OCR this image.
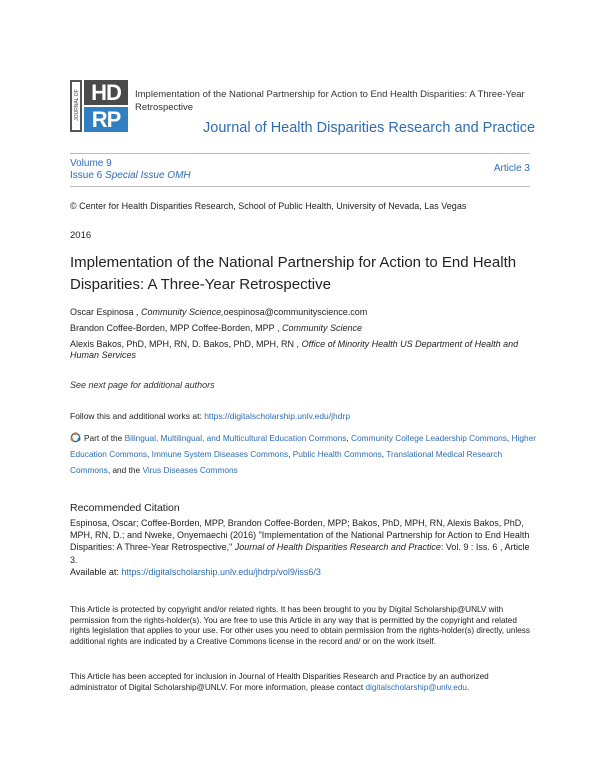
JOURNAL OF HD
RP
Implementation of the National Partnership for Action to End Health Disparities: A Three-Year Retrospective
Journal of Health Disparities Research and Practice
Volume 9
Issue 6 Special Issue OMH
Article 3
© Center for Health Disparities Research, School of Public Health, University of Nevada, Las Vegas
2016
Implementation of the National Partnership for Action to End Health Disparities: A Three-Year Retrospective
Oscar Espinosa , Community Science,oespinosa@communityscience.com
Brandon Coffee-Borden, MPP Coffee-Borden, MPP , Community Science
Alexis Bakos, PhD, MPH, RN, D. Bakos, PhD, MPH, RN , Office of Minority Health US Department of Health and Human Services
See next page for additional authors
Follow this and additional works at: https://digitalscholarship.unlv.edu/jhdrp
Part of the Bilingual, Multilingual, and Multicultural Education Commons, Community College Leadership Commons, Higher Education Commons, Immune System Diseases Commons, Public Health Commons, Translational Medical Research Commons, and the Virus Diseases Commons
Recommended Citation
Espinosa, Oscar; Coffee-Borden, MPP, Brandon Coffee-Borden, MPP; Bakos, PhD, MPH, RN, Alexis Bakos, PhD, MPH, RN, D.; and Nweke, Onyemaechi (2016) "Implementation of the National Partnership for Action to End Health Disparities: A Three-Year Retrospective," Journal of Health Disparities Research and Practice: Vol. 9 : Iss. 6 , Article 3.
Available at: https://digitalscholarship.unlv.edu/jhdrp/vol9/iss6/3
This Article is protected by copyright and/or related rights. It has been brought to you by Digital Scholarship@UNLV with permission from the rights-holder(s). You are free to use this Article in any way that is permitted by the copyright and related rights legislation that applies to your use. For other uses you need to obtain permission from the rights-holder(s) directly, unless additional rights are indicated by a Creative Commons license in the record and/ or on the work itself.
This Article has been accepted for inclusion in Journal of Health Disparities Research and Practice by an authorized administrator of Digital Scholarship@UNLV. For more information, please contact digitalscholarship@unlv.edu.
